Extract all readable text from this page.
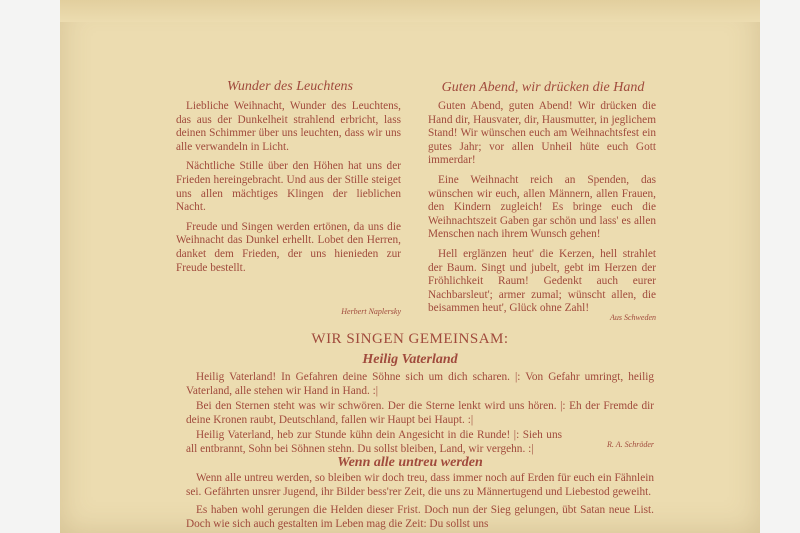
Wunder des Leuchtens

Liebliche Weihnacht, Wunder des Leuchtens, das aus der Dunkelheit strahlend erbricht, lass deinen Schimmer über uns leuchten, dass wir uns alle verwandeln in Licht.

Nächtliche Stille über den Höhen hat uns der Frieden hereingebracht. Und aus der Stille steiget uns allen mächtiges Klingen der lieblichen Nacht.

Freude und Singen werden ertönen, da uns die Weihnacht das Dunkel erhellt. Lobet den Herren, danket dem Frieden, der uns hienieden zur Freude bestellt.

Herbert Naplersky
Guten Abend, wir drücken die Hand

Guten Abend, guten Abend! Wir drücken die Hand dir, Hausvater, dir, Hausmutter, in jeglichem Stand! Wir wünschen euch am Weihnachtsfest ein gutes Jahr; vor allen Unheil hüte euch Gott immerdar!

Eine Weihnacht reich an Spenden, das wünschen wir euch, allen Männern, allen Frauen, den Kindern zugleich! Es bringe euch die Weihnachtszeit Gaben gar schön und lass' es allen Menschen nach ihrem Wunsch gehen!

Hell erglänzen heut' die Kerzen, hell strahlet der Baum. Singt und jubelt, gebt im Herzen der Fröhlichkeit Raum! Gedenkt auch eurer Nachbarsleut'; armer zumal; wünscht allen, die beisammen heut', Glück ohne Zahl!

Aus Schweden
WIR SINGEN GEMEINSAM:
Heilig Vaterland

Heilig Vaterland! In Gefahren deine Söhne sich um dich scharen. |: Von Gefahr umringt, heilig Vaterland, alle stehen wir Hand in Hand. :|

Bei den Sternen steht was wir schwören. Der die Sterne lenkt wird uns hören. |: Eh der Fremde dir deine Kronen raubt, Deutschland, fallen wir Haupt bei Haupt. :|

Heilig Vaterland, heb zur Stunde kühn dein Angesicht in die Runde! |: Sieh uns all entbrannt, Sohn bei Söhnen stehn. Du sollst bleiben, Land, wir vergehn. :|	R. A. Schröder
Wenn alle untreu werden

Wenn alle untreu werden, so bleiben wir doch treu, dass immer noch auf Erden für euch ein Fähnlein sei. Gefährten unsrer Jugend, ihr Bilder bess'rer Zeit, die uns zu Männertugend und Liebestod geweiht.

Es haben wohl gerungen die Helden dieser Frist. Doch nun der Sieg gelungen, übt Satan neue List. Doch wie sich auch gestalten im Leben mag die Zeit: Du sollst uns
